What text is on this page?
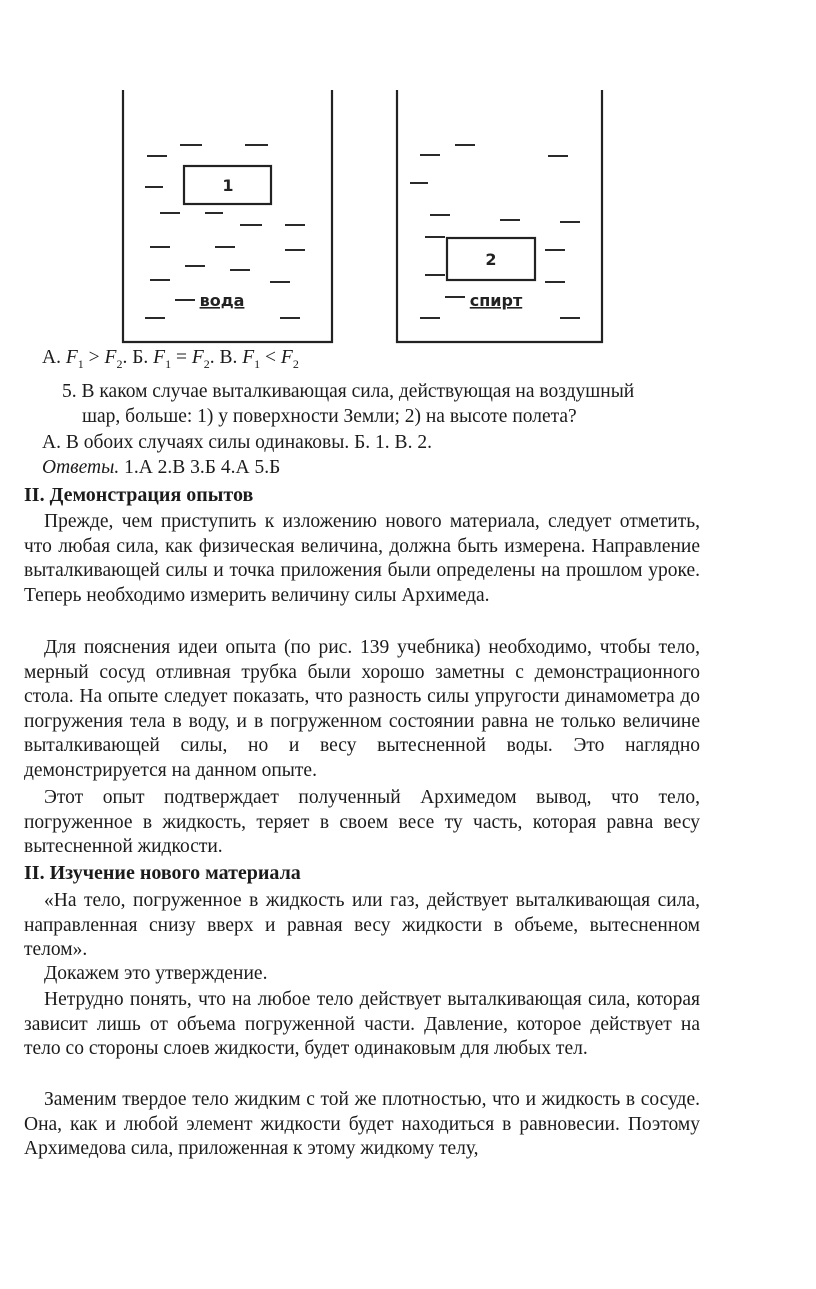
1
вода
2
спирт
А. $F_1 > F_2$. Б. $F_1 = F_2$. В. $F_1 < F_2$
5. В каком случае выталкивающая сила, действующая на воздушный
шар, больше: 1) у поверхности Земли; 2) на высоте полета?
А. В обоих случаях силы одинаковы. Б. 1. В. 2.
Ответы. 1.А 2.В 3.Б 4.А 5.Б
II. Демонстрация опытов
Прежде, чем приступить к изложению нового материала, следует отметить, что любая сила, как физическая величина, должна быть измерена. Направление выталкивающей силы и точка приложения были определены на прошлом уроке. Теперь необходимо измерить величину силы Архимеда.
Для пояснения идеи опыта (по рис. 139 учебника) необходимо, чтобы тело, мерный сосуд отливная трубка были хорошо заметны с демонстрационного стола. На опыте следует показать, что разность силы упругости динамометра до погружения тела в воду, и в погруженном состоянии равна не только величине выталкивающей силы, но и весу вытесненной воды. Это наглядно демонстрируется на данном опыте.
Этот опыт подтверждает полученный Архимедом вывод, что тело, погруженное в жидкость, теряет в своем весе ту часть, которая равна весу вытесненной жидкости.
II. Изучение нового материала
«На тело, погруженное в жидкость или газ, действует выталкивающая сила, направленная снизу вверх и равная весу жидкости в объеме, вытесненном телом».
Докажем это утверждение.
Нетрудно понять, что на любое тело действует выталкивающая сила, которая зависит лишь от объема погруженной части. Давление, которое действует на тело со стороны слоев жидкости, будет одинаковым для любых тел.
Заменим твердое тело жидким с той же плотностью, что и жидкость в сосуде. Она, как и любой элемент жидкости будет находиться в равновесии. Поэтому Архимедова сила, приложенная к этому жидкому телу,
